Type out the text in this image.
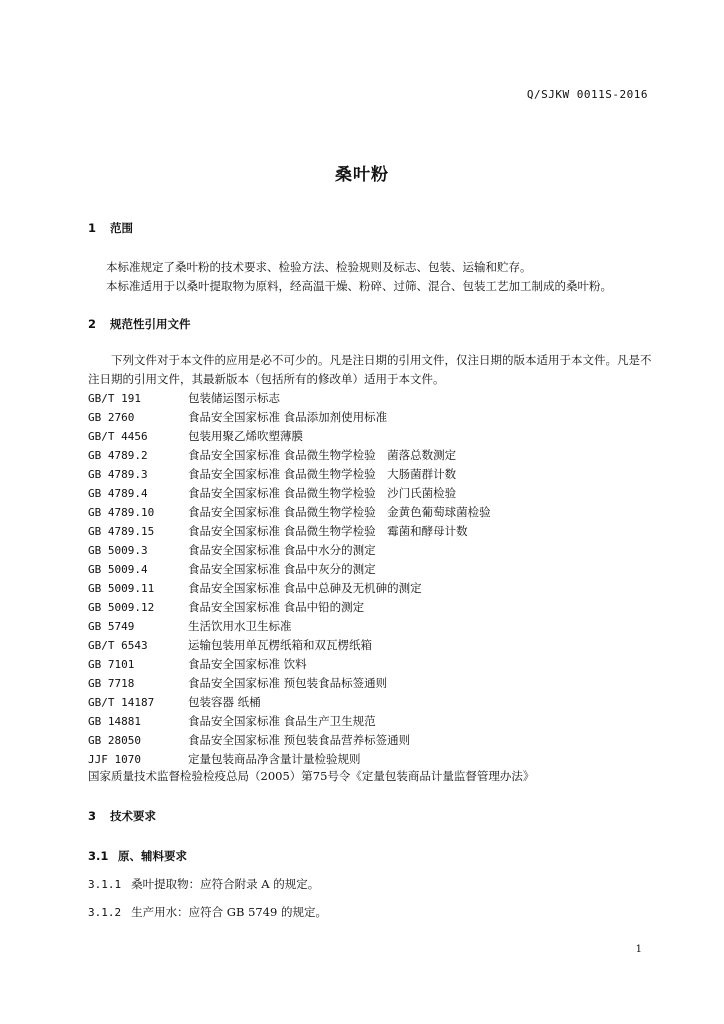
Q/SJKW 0011S-2016
桑叶粉
1 范围
本标准规定了桑叶粉的技术要求、检验方法、检验规则及标志、包装、运输和贮存。
本标准适用于以桑叶提取物为原料，经高温干燥、粉碎、过筛、混合、包装工艺加工制成的桑叶粉。
2 规范性引用文件
下列文件对于本文件的应用是必不可少的。凡是注日期的引用文件，仅注日期的版本适用于本文件。凡是不注日期的引用文件，其最新版本（包括所有的修改单）适用于本文件。
GB/T 191	包装储运图示标志
GB 2760	食品安全国家标准 食品添加剂使用标准
GB/T 4456	包装用聚乙烯吹塑薄膜
GB 4789.2	食品安全国家标准 食品微生物学检验　菌落总数测定
GB 4789.3	食品安全国家标准 食品微生物学检验　大肠菌群计数
GB 4789.4	食品安全国家标准 食品微生物学检验　沙门氏菌检验
GB 4789.10	食品安全国家标准 食品微生物学检验　金黄色葡萄球菌检验
GB 4789.15	食品安全国家标准 食品微生物学检验　霉菌和酵母计数
GB 5009.3	食品安全国家标准 食品中水分的测定
GB 5009.4	食品安全国家标准 食品中灰分的测定
GB 5009.11	食品安全国家标准 食品中总砷及无机砷的测定
GB 5009.12	食品安全国家标准 食品中铅的测定
GB 5749	生活饮用水卫生标准
GB/T 6543	运输包装用单瓦楞纸箱和双瓦楞纸箱
GB 7101	食品安全国家标准 饮料
GB 7718	食品安全国家标准 预包装食品标签通则
GB/T 14187	包装容器 纸桶
GB 14881	食品安全国家标准 食品生产卫生规范
GB 28050	食品安全国家标准 预包装食品营养标签通则
JJF 1070	定量包装商品净含量计量检验规则
国家质量技术监督检验检疫总局（2005）第75号令《定量包装商品计量监督管理办法》
3 技术要求
3.1 原、辅料要求
3.1.1 桑叶提取物：应符合附录 A 的规定。
3.1.2 生产用水：应符合 GB 5749 的规定。
1
